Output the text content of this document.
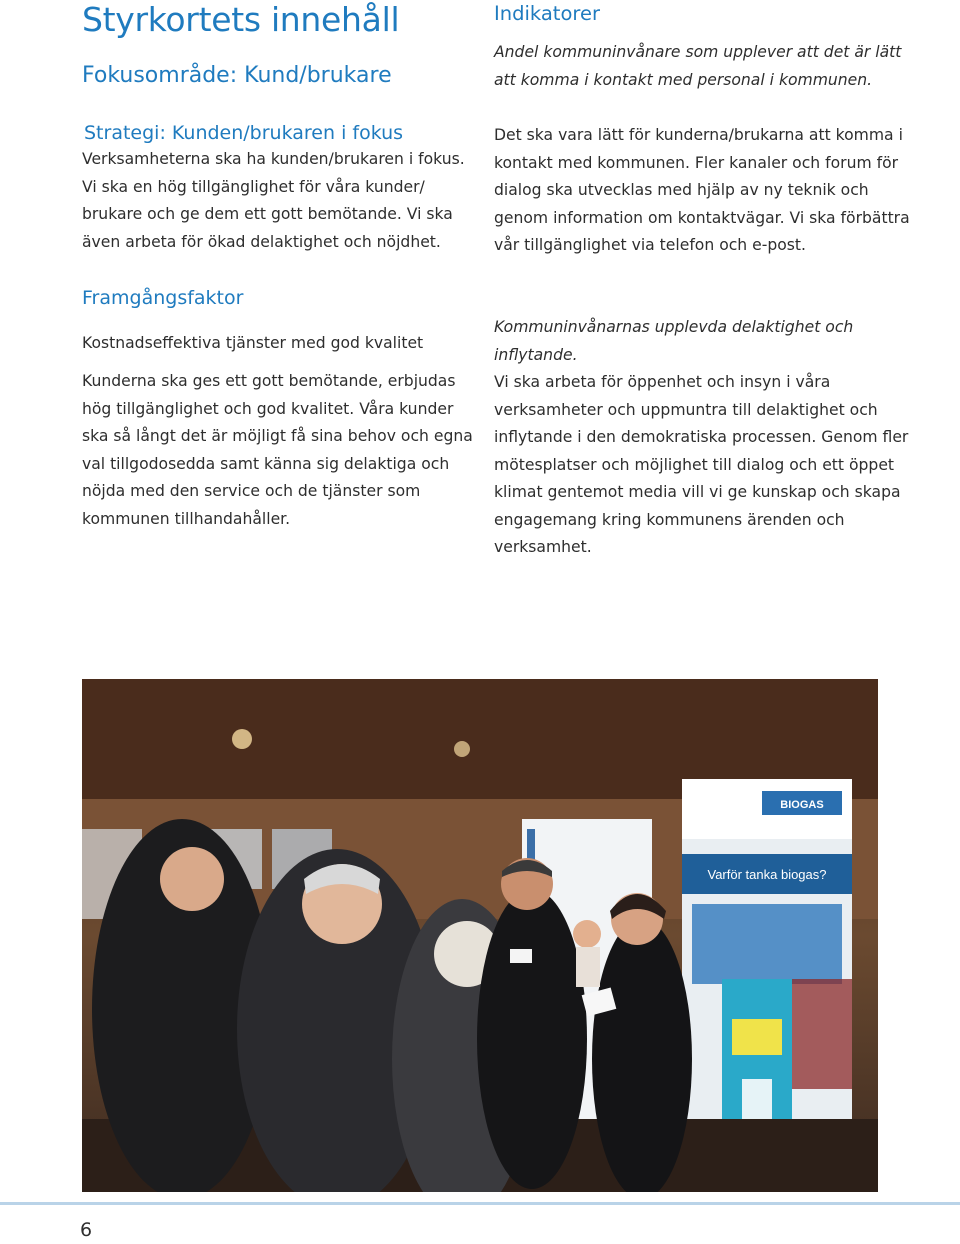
Styrkortets innehåll
Fokusområde: Kund/brukare
Strategi: Kunden/brukaren i fokus

Verksamheterna ska ha kunden/brukaren i fokus. Vi ska en hög tillgänglighet för våra kunder/ brukare och ge dem ett gott bemötande. Vi ska även arbeta för ökad delaktighet och nöjdhet.

Framgångsfaktor
Kostnadseffektiva tjänster med god kvalitet

Kunderna ska ges ett gott bemötande, erbjudas hög tillgänglighet och god kvalitet. Våra kunder ska så långt det är möjligt få sina behov och egna val tillgodosedda samt känna sig delaktiga och nöjda med den service och de tjänster som kommunen tillhandahåller.

Indikatorer

Andel kommuninvånare som upplever att det är lätt att komma i kontakt med personal i kommunen.

Det ska vara lätt för kunderna/brukarna att komma i kontakt med kommunen. Fler kanaler och forum för dialog ska utvecklas med hjälp av ny teknik och genom information om kontaktvägar. Vi ska förbättra vår tillgänglighet via telefon och e-post.

Kommuninvånarnas upplevda delaktighet och inflytande.

Vi ska arbeta för öppenhet och insyn i våra verksamheter och uppmuntra till delaktighet och inflytande i den demokratiska processen. Genom fler mötesplatser och möjlighet till dialog och ett öppet klimat gentemot media vill vi ge kunskap och skapa engagemang kring kommunens ärenden och verksamhet.

BIOGAS
Varför tanka biogas?

6
